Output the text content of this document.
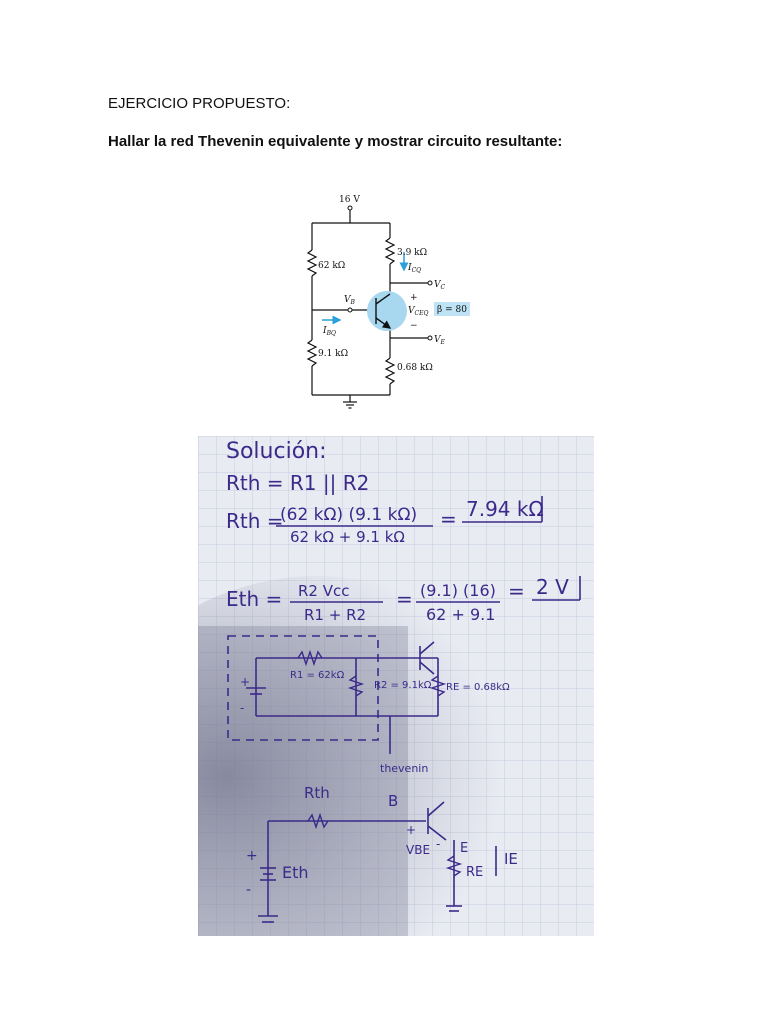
EJERCICIO PROPUESTO:
Hallar la red Thevenin equivalente y mostrar circuito resultante:
16 V
62 kΩ
9.1 kΩ
3.9 kΩ
0.68 kΩ
β = 80
$V_B$
$V_C$
$V_E$
$I_{CQ}$
$I_{BQ}$
$V_{CEQ}$
+
−
Solución:
Rth = R1 || R2
Rth =
(62 kΩ) (9.1 kΩ)
62 kΩ + 9.1 kΩ
= 7.94 kΩ
Eth = R2 Vcc
R1 + R2
= (9.1) (16)
62 + 9.1
= 2 V
R1 = 62kΩ
R2 = 9.1kΩ RE = 0.68kΩ
thevenin
+
-
Rth	B
VBE
+
- E
RE
IE
Eth
+
-
